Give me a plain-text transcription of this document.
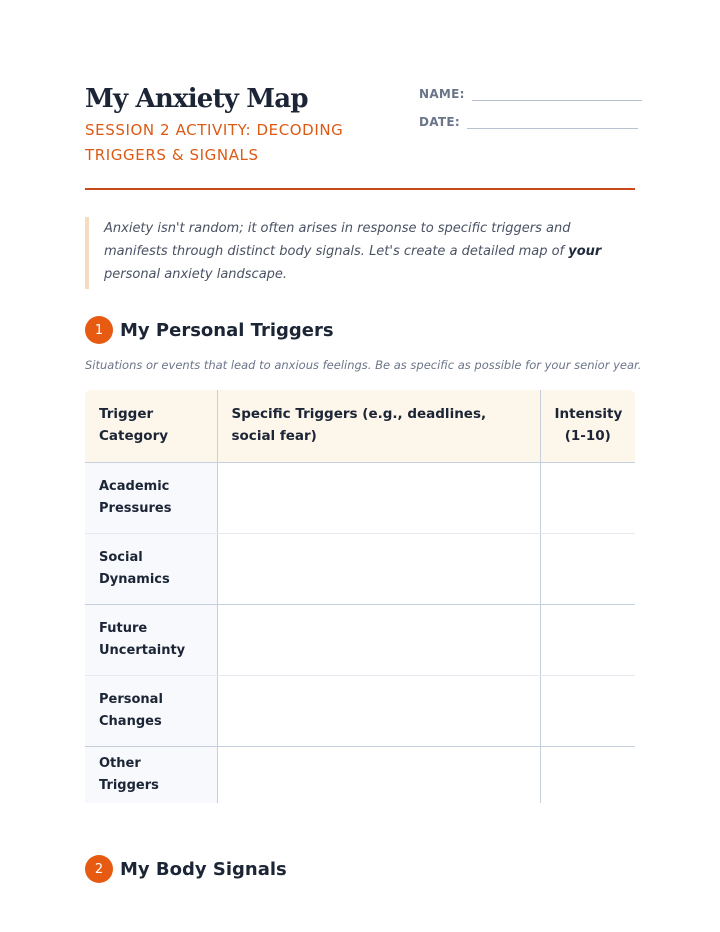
My Anxiety Map
SESSION 2 ACTIVITY: DECODING TRIGGERS & SIGNALS
NAME:
DATE:
Anxiety isn't random; it often arises in response to specific triggers and manifests through distinct body signals. Let's create a detailed map of your personal anxiety landscape.
1 My Personal Triggers
Situations or events that lead to anxious feelings. Be as specific as possible for your senior year.
Trigger Category	Specific Triggers (e.g., deadlines, social fear)	Intensity (1-10)
Academic Pressures		
Social Dynamics		
Future Uncertainty		
Personal Changes		
Other Triggers		
2 My Body Signals
